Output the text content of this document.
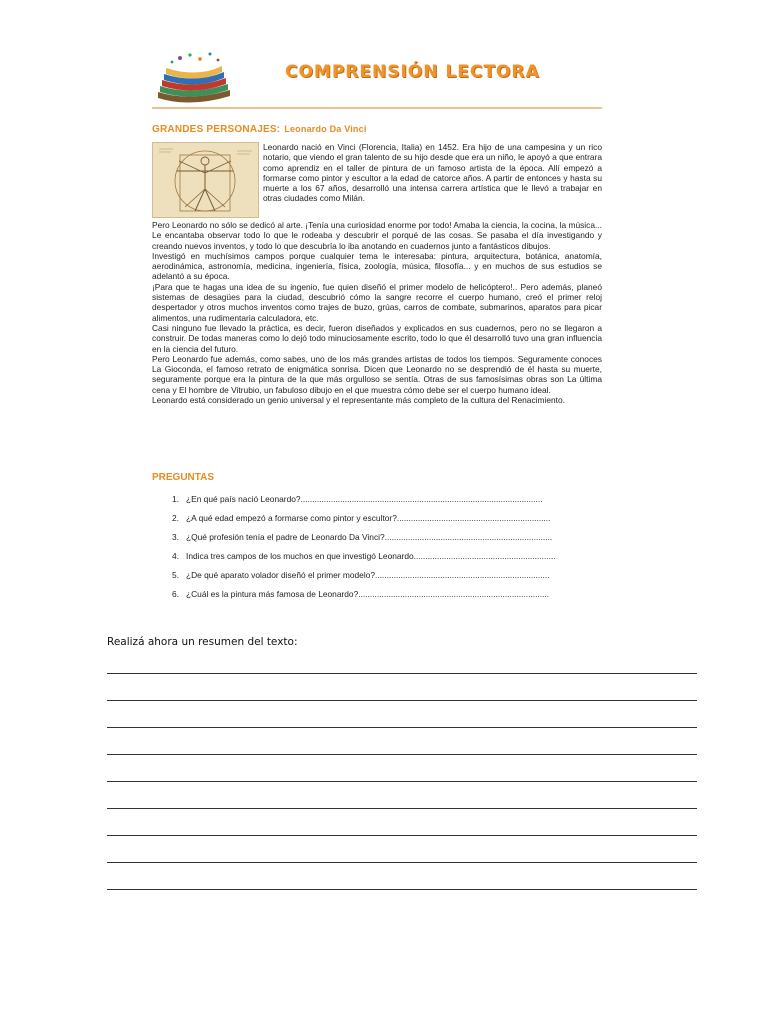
COMPRENSIÓN LECTORA
GRANDES PERSONAJES: Leonardo Da Vinci

Leonardo nació en Vinci (Florencia, Italia) en 1452. Era hijo de una campesina y un rico notario, que viendo el gran talento de su hijo desde que era un niño, le apoyó a que entrara como aprendiz en el taller de pintura de un famoso artista de la época. Allí empezó a formarse como pintor y escultor a la edad de catorce años. A partir de entonces y hasta su muerte a los 67 años, desarrolló una intensa carrera artística que le llevó a trabajar en otras ciudades como Milán.

Pero Leonardo no sólo se dedicó al arte. ¡Tenía una curiosidad enorme por todo! Amaba la ciencia, la cocina, la música... Le encantaba observar todo lo que le rodeaba y descubrir el porqué de las cosas. Se pasaba el día investigando y creando nuevos inventos, y todo lo que descubría lo iba anotando en cuadernos junto a fantásticos dibujos.

Investigó en muchísimos campos porque cualquier tema le interesaba: pintura, arquitectura, botánica, anatomía, aerodinámica, astronomía, medicina, ingeniería, física, zoología, música, filosofía... y en muchos de sus estudios se adelantó a su época.

¡Para que te hagas una idea de su ingenio, fue quien diseñó el primer modelo de helicóptero!.. Pero además, planeó sistemas de desagües para la ciudad, descubrió cómo la sangre recorre el cuerpo humano, creó el primer reloj despertador y otros muchos inventos como trajes de buzo, grúas, carros de combate, submarinos, aparatos para picar alimentos, una rudimentaria calculadora, etc.

Casi ninguno fue llevado la práctica, es decir, fueron diseñados y explicados en sus cuadernos, pero no se llegaron a construir. De todas maneras como lo dejó todo minuciosamente escrito, todo lo que él desarrolló tuvo una gran influencia en la ciencia del futuro.

Pero Leonardo fue además, como sabes, uno de los más grandes artistas de todos los tiempos. Seguramente conoces La Gioconda, el famoso retrato de enigmática sonrisa. Dicen que Leonardo no se desprendió de él hasta su muerte, seguramente porque era la pintura de la que más orgulloso se sentía. Otras de sus famosísimas obras son La última cena y El hombre de Vitrubio, un fabuloso dibujo en el que muestra cómo debe ser el cuerpo humano ideal.

Leonardo está considerado un genio universal y el representante más completo de la cultura del Renacimiento.

PREGUNTAS
1. ¿En qué país nació Leonardo?........................................................................................................
2. ¿A qué edad empezó a formarse como pintor y escultor?..................................................................
3. ¿Qué profesión tenía el padre de Leonardo Da Vinci?........................................................................
4. Indica tres campos de los muchos en que investigó Leonardo.............................................................
5. ¿De qué aparato volador diseñó el primer modelo?...........................................................................
6. ¿Cuál es la pintura más famosa de Leonardo?..................................................................................
Realizá ahora un resumen del texto:
